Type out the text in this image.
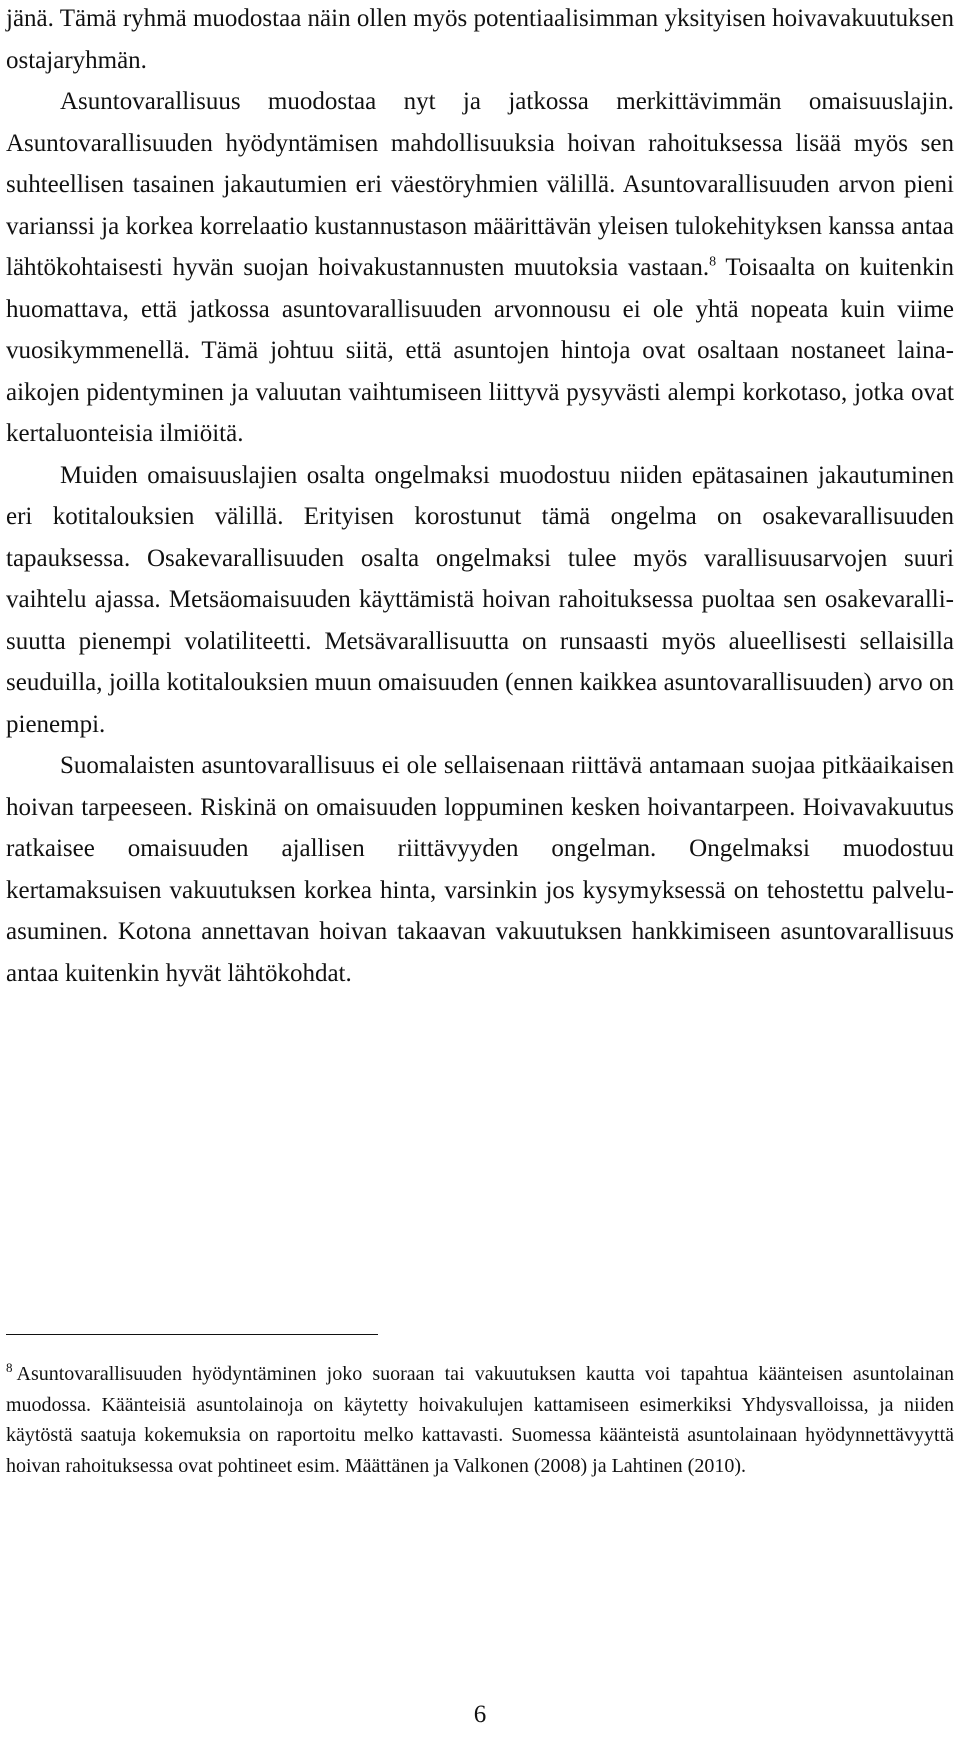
jänä. Tämä ryhmä muodostaa näin ollen myös potentiaalisimman yksityisen hoivavakuutuksen ostajaryhmän.

Asuntovarallisuus muodostaa nyt ja jatkossa merkittävimmän omaisuuslajin. Asuntovarallisuuden hyödyntämisen mahdollisuuksia hoivan rahoituksessa lisää myös sen suhteellisen tasainen jakautumien eri väestöryhmien välillä. Asuntovarallisuuden arvon pieni varianssi ja korkea korrelaatio kustannustason määrittävän yleisen tulokehityksen kanssa antaa lähtökohtaisesti hyvän suojan hoivakustannusten muutoksia vastaan.$^8$ Toisaalta on kuitenkin huomattava, että jatkossa asuntovarallisuuden arvonnousu ei ole yhtä nopeata kuin viime vuosikymmenellä. Tämä johtuu siitä, että asuntojen hintoja ovat osaltaan nostaneet laina-aikojen pidentyminen ja valuutan vaihtumiseen liittyvä pysyvästi alempi korkotaso, jotka ovat kertaluonteisia ilmiöitä.

Muiden omaisuuslajien osalta ongelmaksi muodostuu niiden epätasainen jakautuminen eri kotitalouksien välillä. Erityisen korostunut tämä ongelma on osakevarallisuuden tapauksessa. Osakevarallisuuden osalta ongelmaksi tulee myös varallisuusarvojen suuri vaihtelu ajassa. Metsäomaisuuden käyttämistä hoivan rahoituksessa puoltaa sen osakevarallisuutta pienempi volatiliteetti. Metsävarallisuutta on runsaasti myös alueellisesti sellaisilla seuduilla, joilla kotitalouksien muun omaisuuden (ennen kaikkea asuntovarallisuuden) arvo on pienempi.

Suomalaisten asuntovarallisuus ei ole sellaisenaan riittävä antamaan suojaa pitkäaikaisen hoivan tarpeeseen. Riskinä on omaisuuden loppuminen kesken hoivantarpeen. Hoivavakuutus ratkaisee omaisuuden ajallisen riittävyyden ongelman. Ongelmaksi muodostuu kertamaksuisen vakuutuksen korkea hinta, varsinkin jos kysymyksessä on tehostettu palveluasuminen. Kotona annettavan hoivan takaavan vakuutuksen hankkimiseen asuntovarallisuus antaa kuitenkin hyvät lähtökohdat.

$^8$ Asuntovarallisuuden hyödyntäminen joko suoraan tai vakuutuksen kautta voi tapahtua käänteisen asuntolainan muodossa. Käänteisiä asuntolainoja on käytetty hoivakulujen kattamiseen esimerkiksi Yhdysvalloissa, ja niiden käytöstä saatuja kokemuksia on raportoitu melko kattavasti. Suomessa käänteistä asuntolainaan hyödynnettävyyttä hoivan rahoituksessa ovat pohtineet esim. Määttänen ja Valkonen (2008) ja Lahtinen (2010).
6
